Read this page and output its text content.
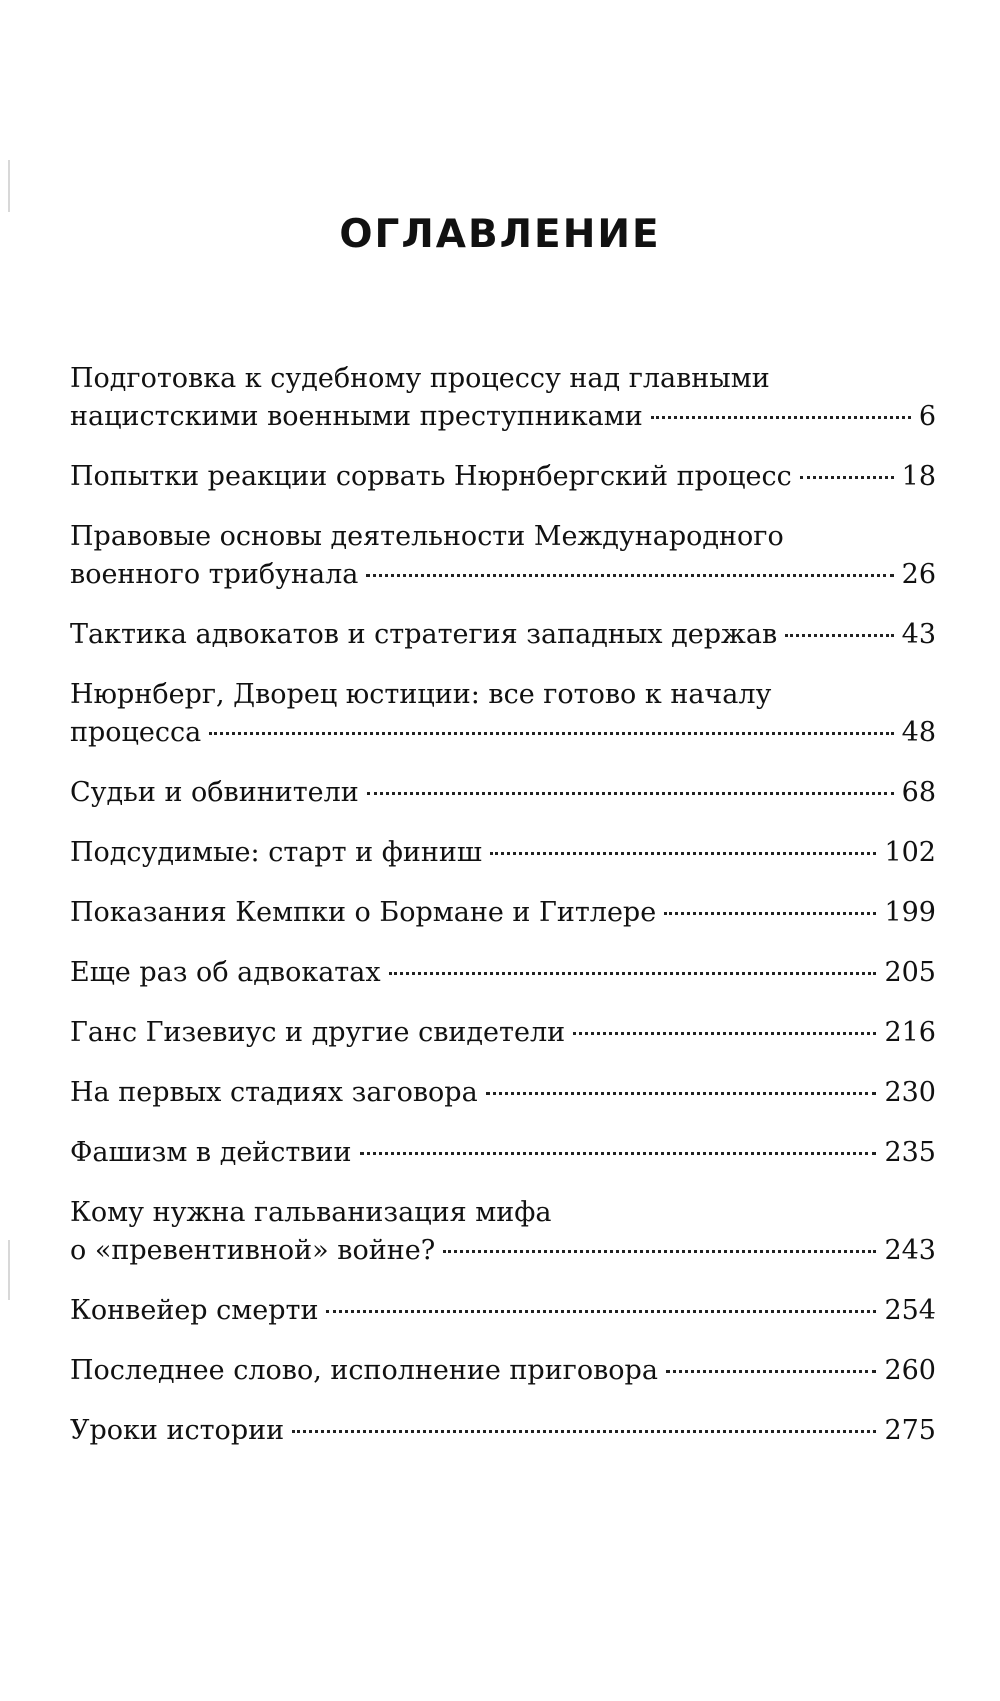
ОГЛАВЛЕНИЕ
Подготовка к судебному процессу над главными
нацистскими военными преступниками	6
Попытки реакции сорвать Нюрнбергский процесс	18
Правовые основы деятельности Международного
военного трибунала	26
Тактика адвокатов и стратегия западных держав	43
Нюрнберг, Дворец юстиции: все готово к началу
процесса	48
Судьи и обвинители	68
Подсудимые: старт и финиш	102
Показания Кемпки о Бормане и Гитлере	199
Еще раз об адвокатах	205
Ганс Гизевиус и другие свидетели	216
На первых стадиях заговора	230
Фашизм в действии	235
Кому нужна гальванизация мифа
о «превентивной» войне?	243
Конвейер смерти	254
Последнее слово, исполнение приговора	260
Уроки истории	275
